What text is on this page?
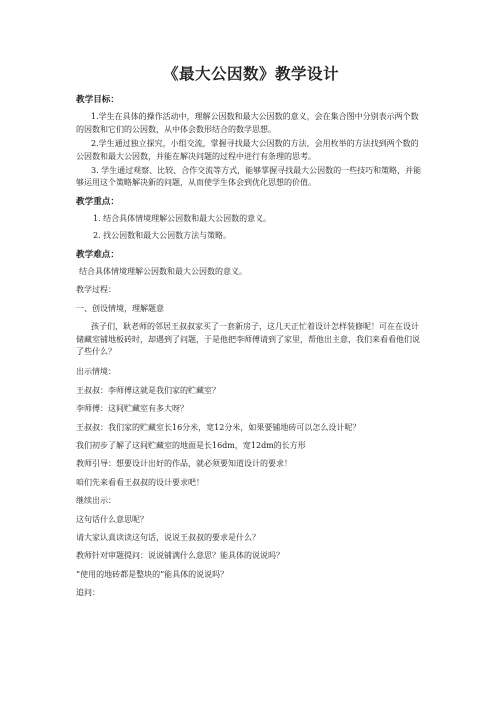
《最大公因数》教学设计
教学目标：
1.学生在具体的操作活动中，理解公因数和最大公因数的意义，会在集合图中分别表示两个数的因数和它们的公因数，从中体会数形结合的数学思想。
2.学生通过独立探究，小组交流，掌握寻找最大公因数的方法，会用枚举的方法找到两个数的公因数和最大公因数，并能在解决问题的过程中进行有条理的思考。
3. 学生通过观察、比较、合作交流等方式，能够掌握寻找最大公因数的一些技巧和策略，并能够运用这个策略解决新的问题，从而使学生体会到优化思想的价值。
教学重点：
1. 结合具体情境理解公因数和最大公因数的意义。
2. 找公因数和最大公因数方法与策略。
教学难点：
结合具体情境理解公因数和最大公因数的意义。
教学过程：
一、创设情境，理解题意
孩子们，耿老师的邻居王叔叔家买了一套新房子，这几天正忙着设计怎样装修呢！可在在设计储藏室铺地板砖时，却遇到了问题，于是他把李师傅请到了家里，帮他出主意，我们来看看他们说了些什么？
出示情境：
王叔叔：李师傅这就是我们家的贮藏室？
李师傅：这间贮藏室有多大呀？
王叔叔：我们家的贮藏室长16分米，宽12分米，如果要铺地砖可以怎么设计呢？
我们初步了解了这间贮藏室的地面是长16dm，宽12dm的长方形
教师引导：想要设计出好的作品，就必须要知道设计的要求！
咱们先来看看王叔叔的设计要求吧！
继续出示：
这句话什么意思呢？
请大家认真读读这句话，说说王叔叔的要求是什么？
教师针对审题提问：说说铺满什么意思？能具体的说说吗？
“使用的地砖都是整块的”能具体的说说吗？
追问：
